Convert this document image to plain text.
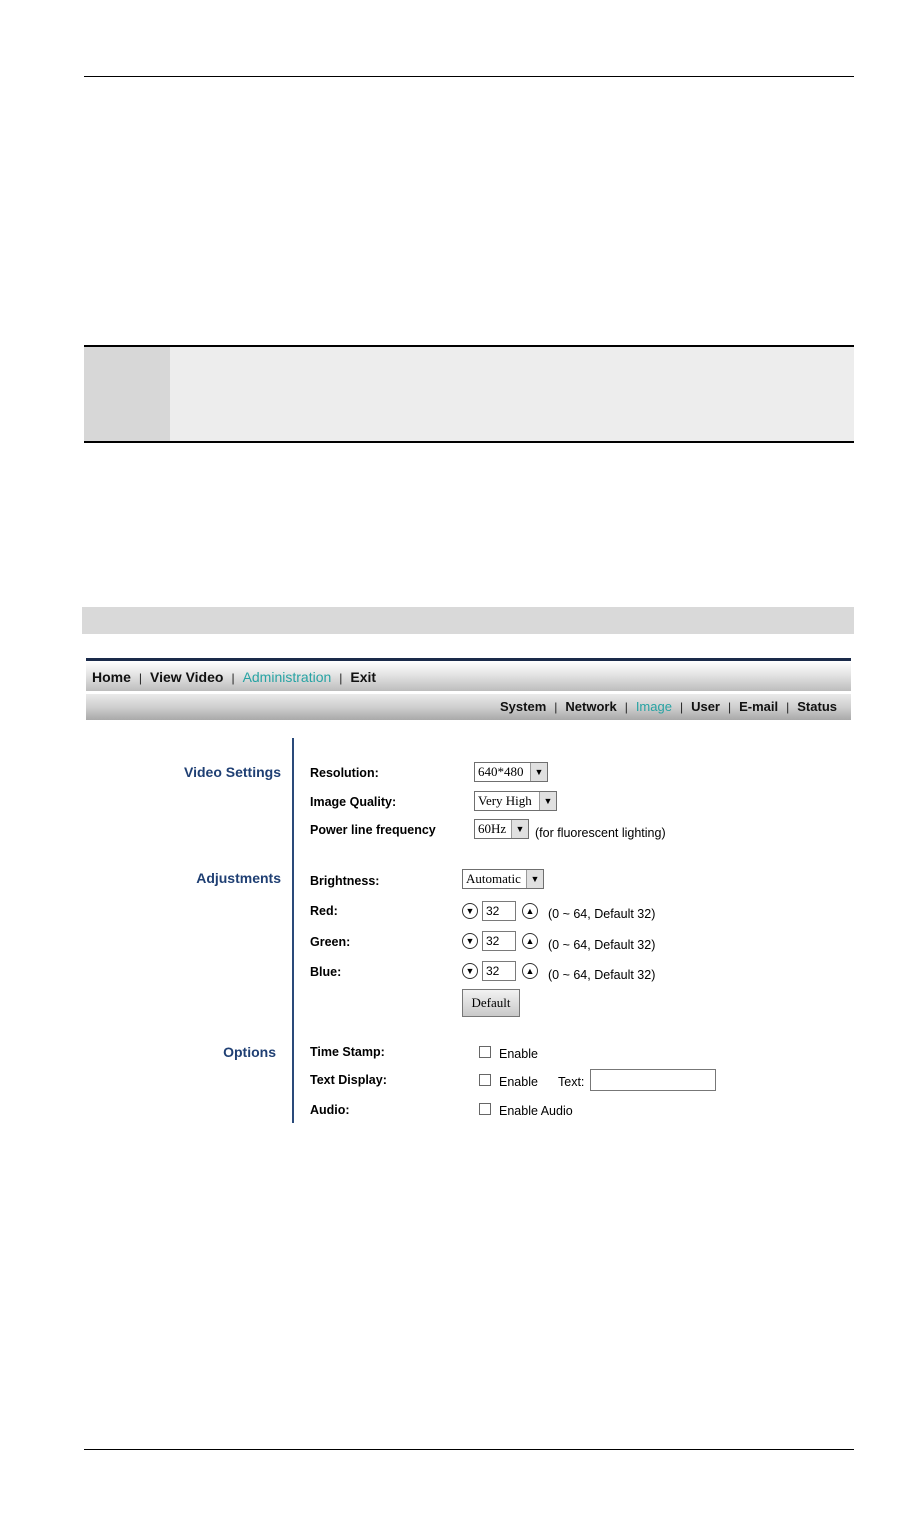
Home | View Video | Administration | Exit
System | Network | Image | User | E-mail | Status
Video Settings Resolution:	640*480	▼
Image Quality:	Very High	▼
Power line frequency	60Hz	▼ (for fluorescent lighting)
Adjustments Brightness:	Automatic	▼
Red:	▼ 32	▲ (0 ~ 64, Default 32)
Green:	▼ 32	▲ (0 ~ 64, Default 32)
Blue:	▼ 32	▲ (0 ~ 64, Default 32)
Default
Options	Time Stamp:	Enable
Text Display:	Enable Text:
Audio:	Enable Audio
